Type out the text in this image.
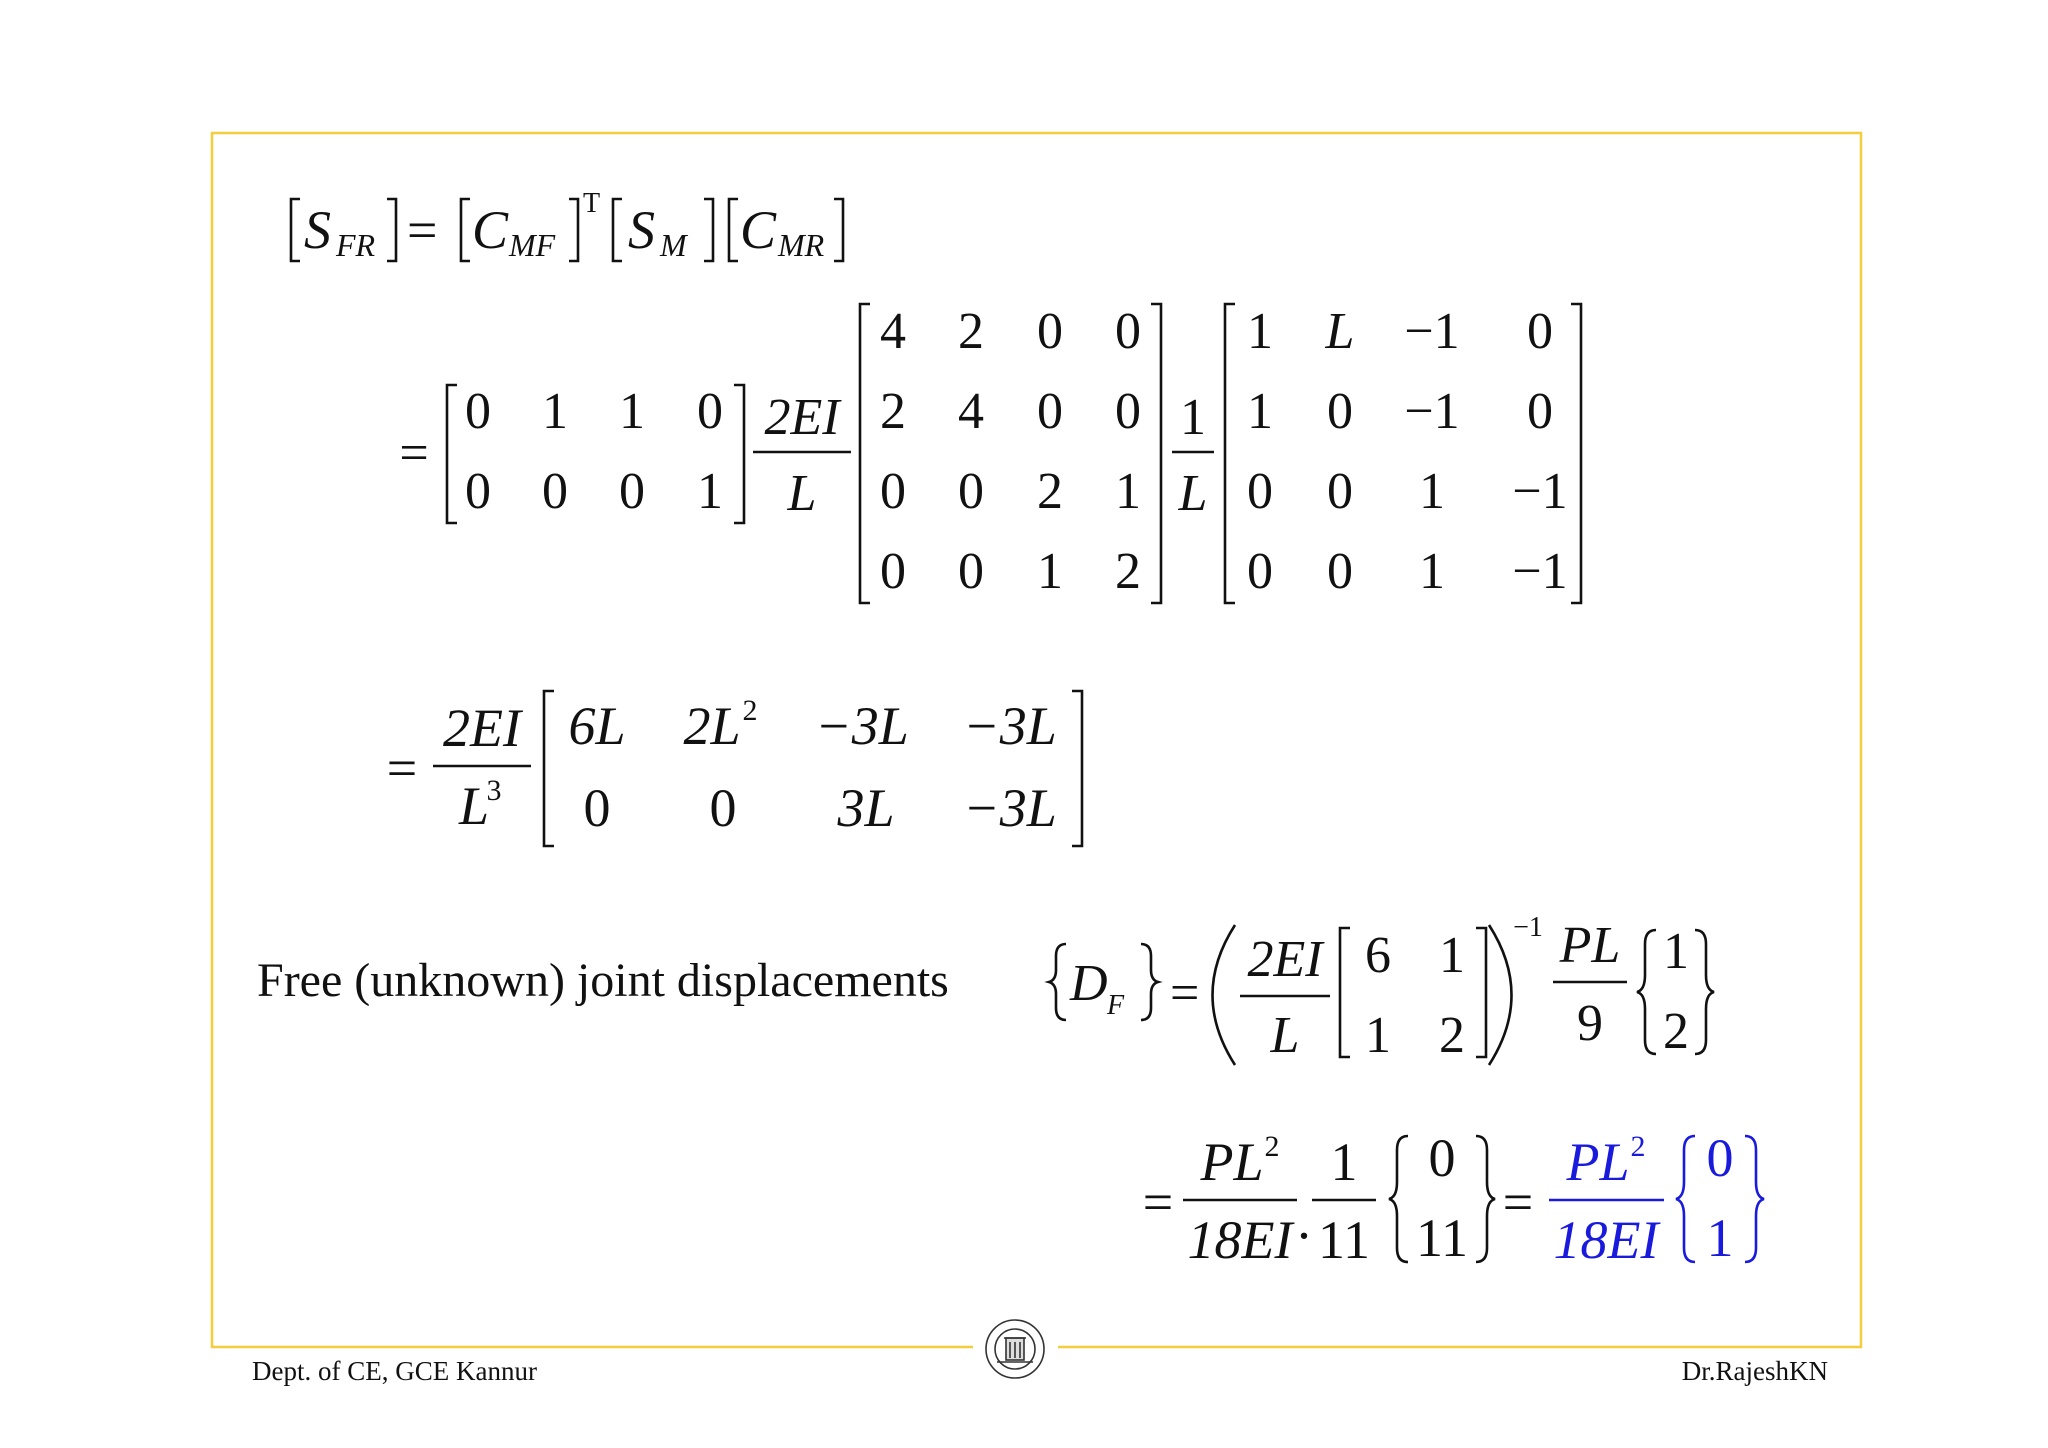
S FR = C MF
T S M C MR
=
0 1 1 0
0 0 0 1
2EI
L
4 2 0 0
2 4 0 0
0 0 2 1
0 0 1 2
1
L
1 L −1 0
1 0 −1 0
0 0 1 −1
0 0 1 −1
=
2EI
L
3
6L 2L 2 −3L −3L
0 0 3L −3L
Free (unknown) joint displacements D F =
2EI
L
6 1
1 2
−1 PL
9
1
2
=
PL 2
18EI .
1
11
0
11
=
PL 2
18EI
0
1
Dept. of CE, GCE Kannur	Dr.RajeshKN
